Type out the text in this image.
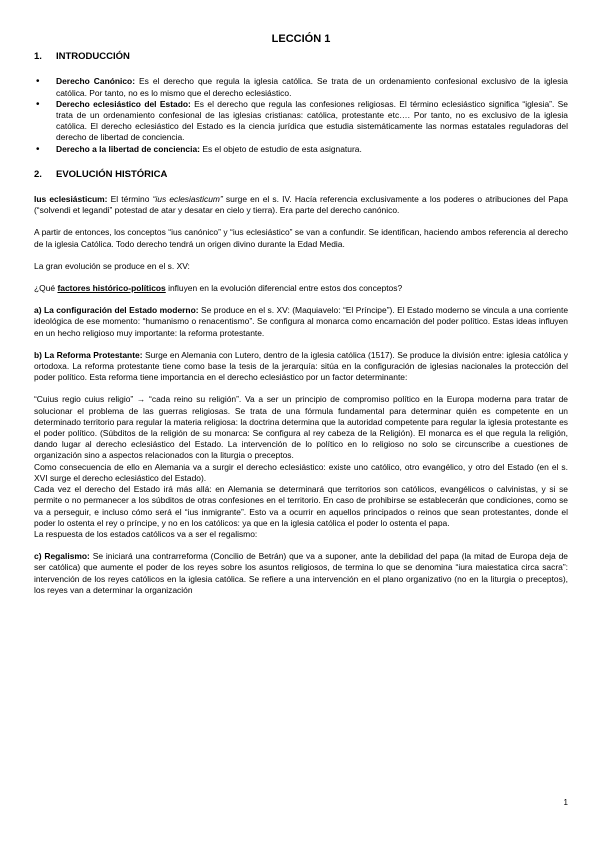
LECCIÓN 1
1. INTRODUCCIÓN
• Derecho Canónico: Es el derecho que regula la iglesia católica. Se trata de un ordenamiento confesional exclusivo de la iglesia católica. Por tanto, no es lo mismo que el derecho eclesiástico.
• Derecho eclesiástico del Estado: Es el derecho que regula las confesiones religiosas. El término eclesiástico significa “iglesia”. Se trata de un ordenamiento confesional de las iglesias cristianas: católica, protestante etc…. Por tanto, no es exclusivo de la iglesia católica. El derecho eclesiástico del Estado es la ciencia jurídica que estudia sistemáticamente las normas estatales reguladoras del derecho de libertad de conciencia.
• Derecho a la libertad de conciencia: Es el objeto de estudio de esta asignatura.
2. EVOLUCIÓN HISTÓRICA

Ius eclesiásticum: El término “ius eclesiasticum” surge en el s. IV. Hacía referencia exclusivamente a los poderes o atribuciones del Papa (“solvendi et legandi” potestad de atar y desatar en cielo y tierra). Era parte del derecho canónico.

A partir de entonces, los conceptos “ius canónico” y “ius eclesiástico” se van a confundir. Se identifican, haciendo ambos referencia al derecho de la iglesia Católica. Todo derecho tendrá un origen divino durante la Edad Media.

La gran evolución se produce en el s. XV:

¿Qué factores histórico-políticos influyen en la evolución diferencial entre estos dos conceptos?

a) La configuración del Estado moderno: Se produce en el s. XV: (Maquiavelo: “El Príncipe”). El Estado moderno se vincula a una corriente ideológica de ese momento: “humanismo o renacentismo”. Se configura al monarca como encarnación del poder político. Estas ideas influyen en un hecho religioso muy importante: la reforma protestante.

b) La Reforma Protestante: Surge en Alemania con Lutero, dentro de la iglesia católica (1517). Se produce la división entre: iglesia católica y ortodoxa. La reforma protestante tiene como base la tesis de la jerarquía: sitúa en la configuración de iglesias nacionales la protección del poder político. Esta reforma tiene importancia en el derecho eclesiástico por un factor determinante:

“Cuius regio cuius religio” → “cada reino su religión”. Va a ser un principio de compromiso político en la Europa moderna para tratar de solucionar el problema de las guerras religiosas. Se trata de una fórmula fundamental para determinar quién es competente en un determinado territorio para regular la materia religiosa: la doctrina determina que la autoridad competente para regular la iglesia protestante es el poder político. (Súbditos de la religión de su monarca: Se configura al rey cabeza de la Religión). El monarca es el que regula la religión, dando lugar al derecho eclesiástico del Estado. La intervención de lo político en lo religioso no solo se circunscribe a cuestiones de organización sino a aspectos relacionados con la liturgia o preceptos.

Como consecuencia de ello en Alemania va a surgir el derecho eclesiástico: existe uno católico, otro evangélico, y otro del Estado (en el s. XVI surge el derecho eclesiástico del Estado).

Cada vez el derecho del Estado irá más allá: en Alemania se determinará que territorios son católicos, evangélicos o calvinistas, y si se permite o no permanecer a los súbditos de otras confesiones en el territorio. En caso de prohibirse se establecerán que condiciones, como se va a perseguir, e incluso cómo será el “ius inmigrante”. Esto va a ocurrir en aquellos principados o reinos que sean protestantes, donde el poder lo ostenta el rey o príncipe, y no en los católicos: ya que en la iglesia católica el poder lo ostenta el papa.

La respuesta de los estados católicos va a ser el regalismo:

c) Regalismo: Se iniciará una contrarreforma (Concilio de Betrán) que va a suponer, ante la debilidad del papa (la mitad de Europa deja de ser católica) que aumente el poder de los reyes sobre los asuntos religiosos, de termina lo que se denomina “iura maiestatica circa sacra”: intervención de los reyes católicos en la iglesia católica. Se refiere a una intervención en el plano organizativo (no en la liturgia o preceptos), los reyes van a determinar la organización

1
